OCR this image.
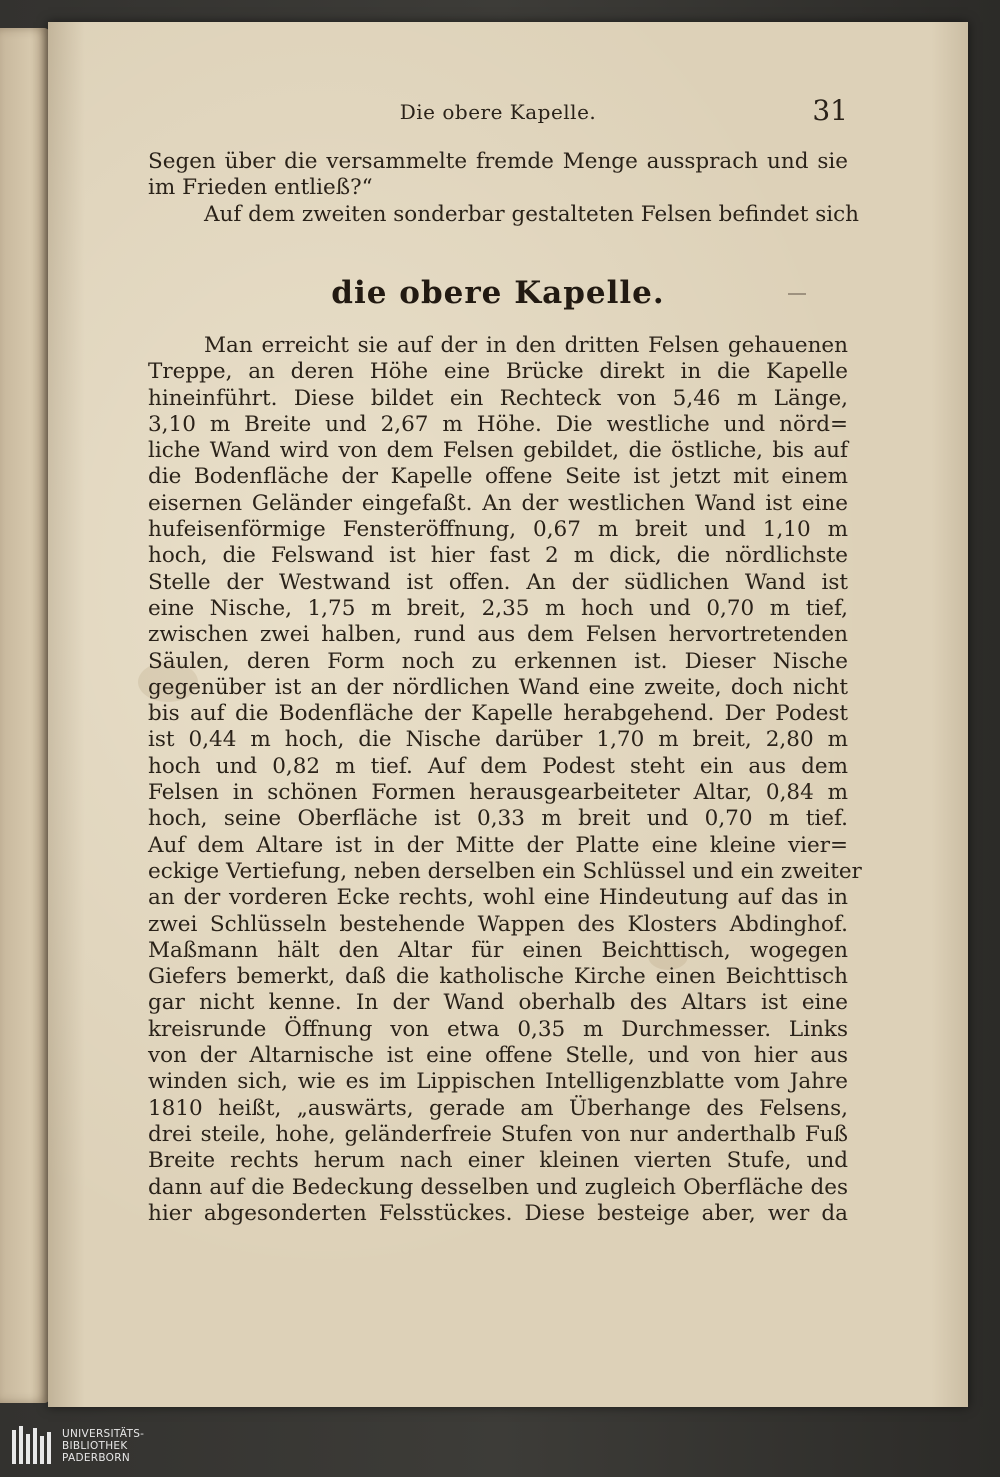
Die obere Kapelle.	31
Segen über die versammelte fremde Menge aussprach und sie
im Frieden entließ?“
Auf dem zweiten sonderbar gestalteten Felsen befindet sich
die obere Kapelle.
Man erreicht sie auf der in den dritten Felsen gehauenen
Treppe, an deren Höhe eine Brücke direkt in die Kapelle
hineinführt. Diese bildet ein Rechteck von 5,46 m Länge,
3,10 m Breite und 2,67 m Höhe. Die westliche und nörd=
liche Wand wird von dem Felsen gebildet, die östliche, bis auf
die Bodenfläche der Kapelle offene Seite ist jetzt mit einem
eisernen Geländer eingefaßt. An der westlichen Wand ist eine
hufeisenförmige Fensteröffnung, 0,67 m breit und 1,10 m
hoch, die Felswand ist hier fast 2 m dick, die nördlichste
Stelle der Westwand ist offen. An der südlichen Wand ist
eine Nische, 1,75 m breit, 2,35 m hoch und 0,70 m tief,
zwischen zwei halben, rund aus dem Felsen hervortretenden
Säulen, deren Form noch zu erkennen ist. Dieser Nische
gegenüber ist an der nördlichen Wand eine zweite, doch nicht
bis auf die Bodenfläche der Kapelle herabgehend. Der Podest
ist 0,44 m hoch, die Nische darüber 1,70 m breit, 2,80 m
hoch und 0,82 m tief. Auf dem Podest steht ein aus dem
Felsen in schönen Formen herausgearbeiteter Altar, 0,84 m
hoch, seine Oberfläche ist 0,33 m breit und 0,70 m tief.
Auf dem Altare ist in der Mitte der Platte eine kleine vier=
eckige Vertiefung, neben derselben ein Schlüssel und ein zweiter
an der vorderen Ecke rechts, wohl eine Hindeutung auf das in
zwei Schlüsseln bestehende Wappen des Klosters Abdinghof.
Maßmann hält den Altar für einen Beichttisch, wogegen
Giefers bemerkt, daß die katholische Kirche einen Beichttisch
gar nicht kenne. In der Wand oberhalb des Altars ist eine
kreisrunde Öffnung von etwa 0,35 m Durchmesser. Links
von der Altarnische ist eine offene Stelle, und von hier aus
winden sich, wie es im Lippischen Intelligenzblatte vom Jahre
1810 heißt, „auswärts, gerade am Überhange des Felsens,
drei steile, hohe, geländerfreie Stufen von nur anderthalb Fuß
Breite rechts herum nach einer kleinen vierten Stufe, und
dann auf die Bedeckung desselben und zugleich Oberfläche des
hier abgesonderten Felsstückes. Diese besteige aber, wer da
UNIVERSITÄTS-
BIBLIOTHEK
PADERBORN
